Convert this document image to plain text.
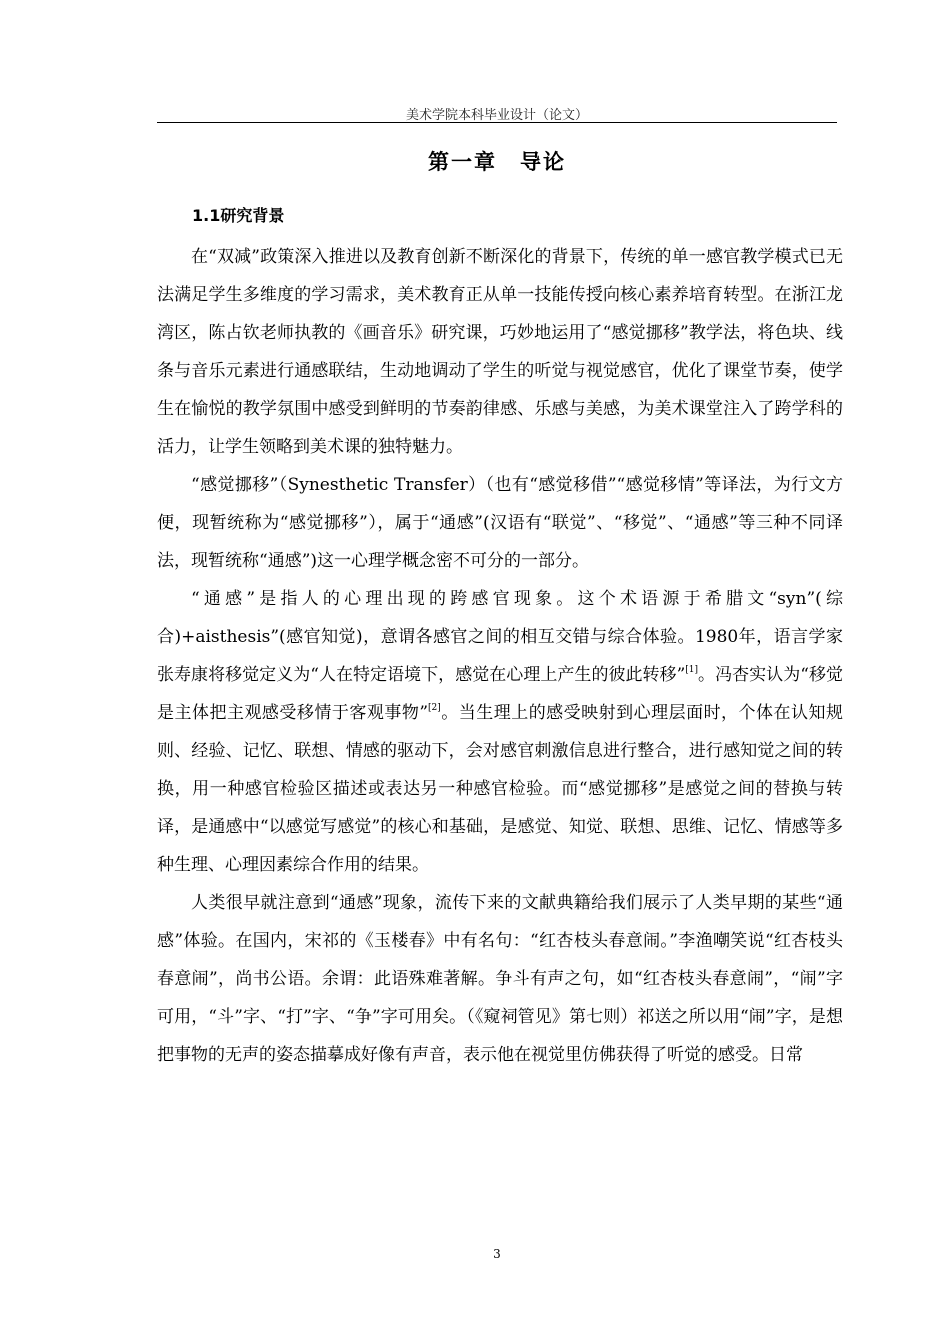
美术学院本科毕业设计（论文）
第一章　导论
1.1研究背景

在“双减”政策深入推进以及教育创新不断深化的背景下，传统的单一感官教学模式已无法满足学生多维度的学习需求，美术教育正从单一技能传授向核心素养培育转型。在浙江龙湾区，陈占钦老师执教的《画音乐》研究课，巧妙地运用了“感觉挪移”教学法，将色块、线条与音乐元素进行通感联结，生动地调动了学生的听觉与视觉感官，优化了课堂节奏，使学生在愉悦的教学氛围中感受到鲜明的节奏韵律感、乐感与美感，为美术课堂注入了跨学科的活力，让学生领略到美术课的独特魅力。

“感觉挪移”（Synesthetic Transfer）（也有“感觉移借”“感觉移情”等译法，为行文方便，现暂统称为“感觉挪移”），属于“通感”(汉语有“联觉”、“移觉”、“通感”等三种不同译法，现暂统称“通感”)这一心理学概念密不可分的一部分。

“通感”是指人的心理出现的跨感官现象。这个术语源于希腊文“syn”(综合)+aisthesis”(感官知觉)，意谓各感官之间的相互交错与综合体验。1980年，语言学家张寿康将移觉定义为“人在特定语境下，感觉在心理上产生的彼此转移”[1]。冯杏实认为“移觉是主体把主观感受移情于客观事物”[2]。当生理上的感受映射到心理层面时，个体在认知规则、经验、记忆、联想、情感的驱动下，会对感官刺激信息进行整合，进行感知觉之间的转换，用一种感官检验区描述或表达另一种感官检验。而“感觉挪移”是感觉之间的替换与转译，是通感中“以感觉写感觉”的核心和基础，是感觉、知觉、联想、思维、记忆、情感等多种生理、心理因素综合作用的结果。

人类很早就注意到“通感”现象，流传下来的文献典籍给我们展示了人类早期的某些“通感”体验。在国内，宋祁的《玉楼春》中有名句：“红杏枝头春意闹。”李渔嘲笑说“红杏枝头春意闹”，尚书公语。余谓：此语殊难著解。争斗有声之句，如“红杏枝头春意闹”，“闹”字可用，“斗”字、“打”字、“争”字可用矣。（《窥祠管见》第七则）祁送之所以用“闹”字，是想把事物的无声的姿态描摹成好像有声音，表示他在视觉里仿佛获得了听觉的感受。日常

3
